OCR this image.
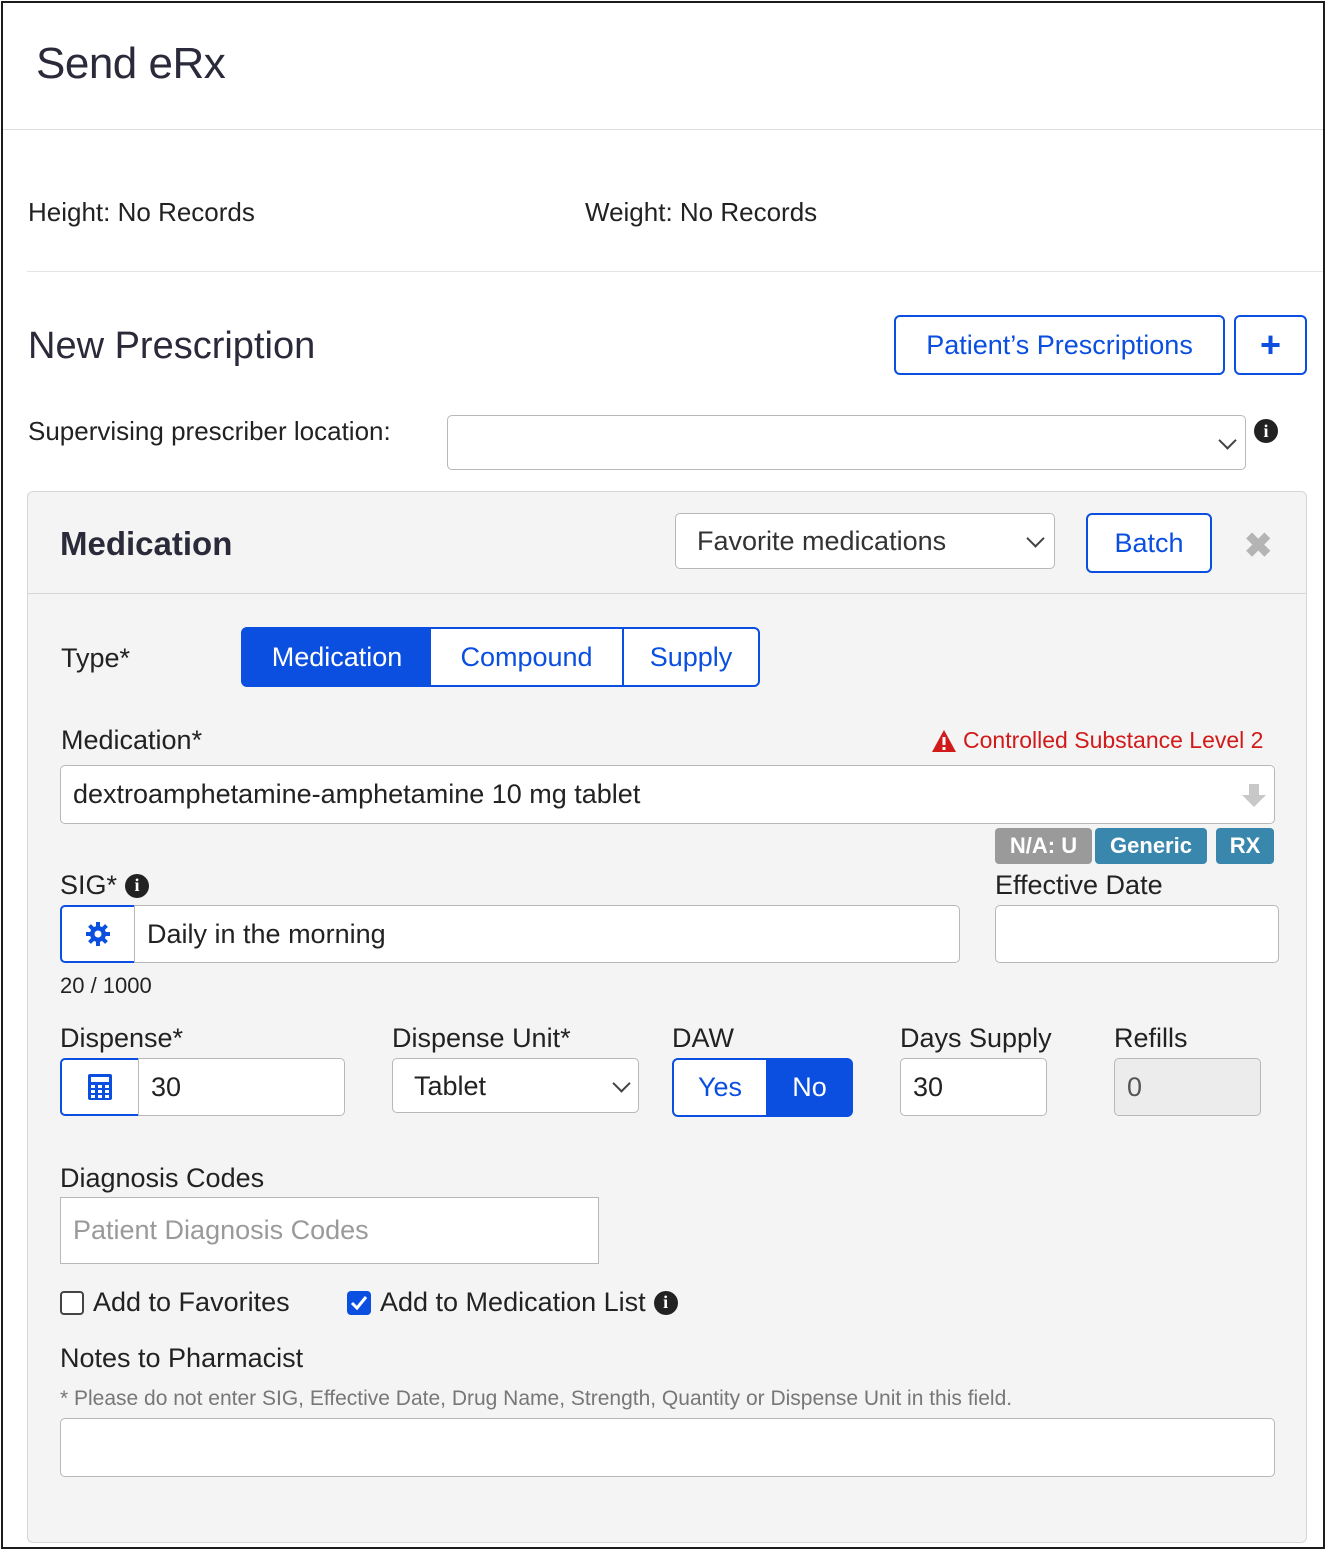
Send eRx
Height: No Records	Weight: No Records
New Prescription	Patient’s Prescriptions	+
Supervising prescriber location:	i
Medication	Favorite medications	Batch	✖
Type*	Medication	Compound	Supply
Medication*	Controlled Substance Level 2
dextroamphetamine-amphetamine 10 mg tablet
N/A: U	Generic	RX
SIG* i
Daily in the morning
20 / 1000
Effective Date
Dispense*
30
Dispense Unit*
Tablet
DAW
Yes	No
Days Supply
30
Refills
0
Diagnosis Codes
Patient Diagnosis Codes
Add to Favorites	Add to Medication List i
Notes to Pharmacist
* Please do not enter SIG, Effective Date, Drug Name, Strength, Quantity or Dispense Unit in this field.
